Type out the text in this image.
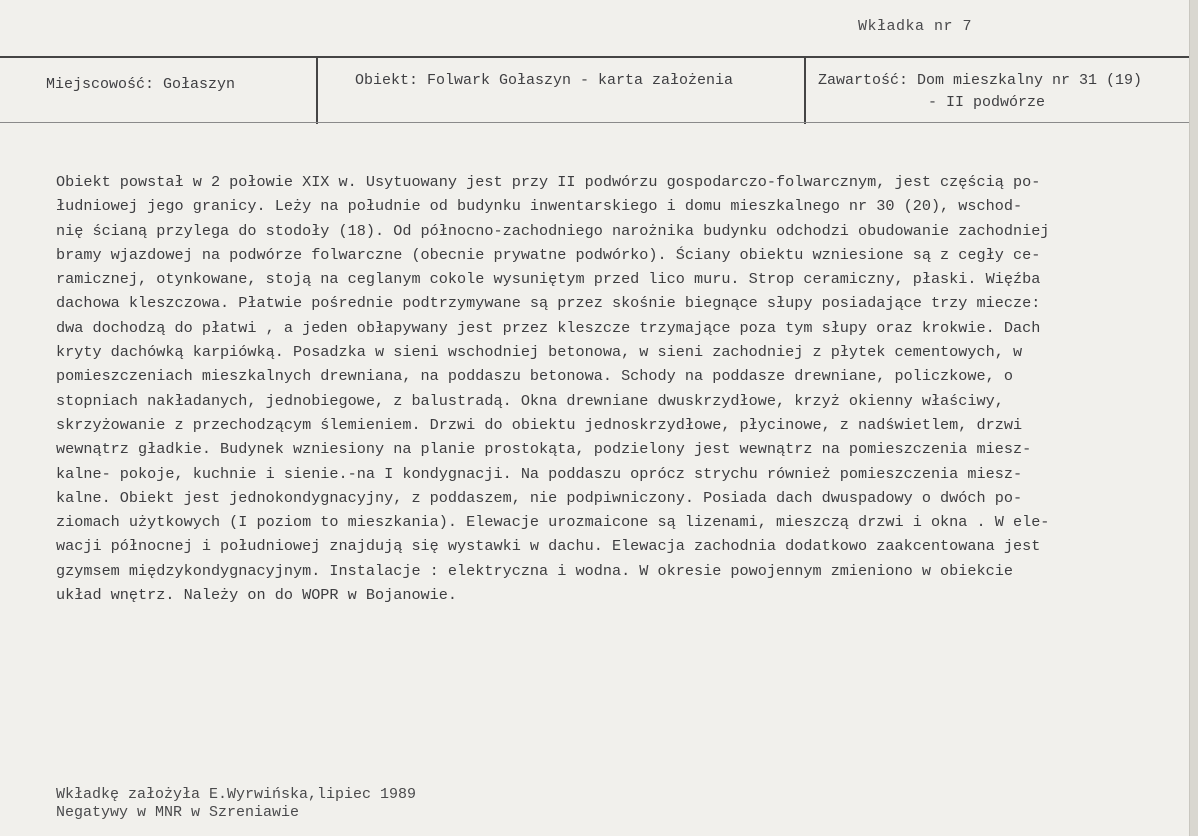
Wkładka nr 7
Miejscowość: Gołaszyn	Obiekt: Folwark Gołaszyn - karta założenia	Zawartość: Dom mieszkalny nr 31 (19)
- II podwórze
Obiekt powstał w 2 połowie XIX w. Usytuowany jest przy II podwórzu gospodarczo-folwarcznym, jest częścią po-
łudniowej jego granicy. Leży na południe od budynku inwentarskiego i domu mieszkalnego nr 30 (20), wschod-
nię ścianą przylega do stodoły (18). Od północno-zachodniego narożnika budynku odchodzi obudowanie zachodniej
bramy wjazdowej na podwórze folwarczne (obecnie prywatne podwórko). Ściany obiektu wzniesione są z cegły ce-
ramicznej, otynkowane, stoją na ceglanym cokole wysuniętym przed lico muru. Strop ceramiczny, płaski. Więźba
dachowa kleszczowa. Płatwie pośrednie podtrzymywane są przez skośnie biegnące słupy posiadające trzy miecze:
dwa dochodzą do płatwi , a jeden obłapywany jest przez kleszcze trzymające poza tym słupy oraz krokwie. Dach
kryty dachówką karpiówką. Posadzka w sieni wschodniej betonowa, w sieni zachodniej z płytek cementowych, w
pomieszczeniach mieszkalnych drewniana, na poddaszu betonowa. Schody na poddasze drewniane, policzkowe, o
stopniach nakładanych, jednobiegowe, z balustradą. Okna drewniane dwuskrzydłowe, krzyż okienny właściwy,
skrzyżowanie z przechodzącym ślemieniem. Drzwi do obiektu jednoskrzydłowe, płycinowe, z nadświetlem, drzwi
wewnątrz gładkie. Budynek wzniesiony na planie prostokąta, podzielony jest wewnątrz na pomieszczenia miesz-
kalne- pokoje, kuchnie i sienie.-na I kondygnacji. Na poddaszu oprócz strychu również pomieszczenia miesz-
kalne. Obiekt jest jednokondygnacyjny, z poddaszem, nie podpiwniczony. Posiada dach dwuspadowy o dwóch po-
ziomach użytkowych (I poziom to mieszkania). Elewacje urozmaicone są lizenami, mieszczą drzwi i okna . W ele-
wacji północnej i południowej znajdują się wystawki w dachu. Elewacja zachodnia dodatkowo zaakcentowana jest
gzymsem międzykondygnacyjnym. Instalacje : elektryczna i wodna. W okresie powojennym zmieniono w obiekcie
układ wnętrz. Należy on do WOPR w Bojanowie.
Wkładkę założyła E.Wyrwińska,lipiec 1989
Negatywy w MNR w Szreniawie
